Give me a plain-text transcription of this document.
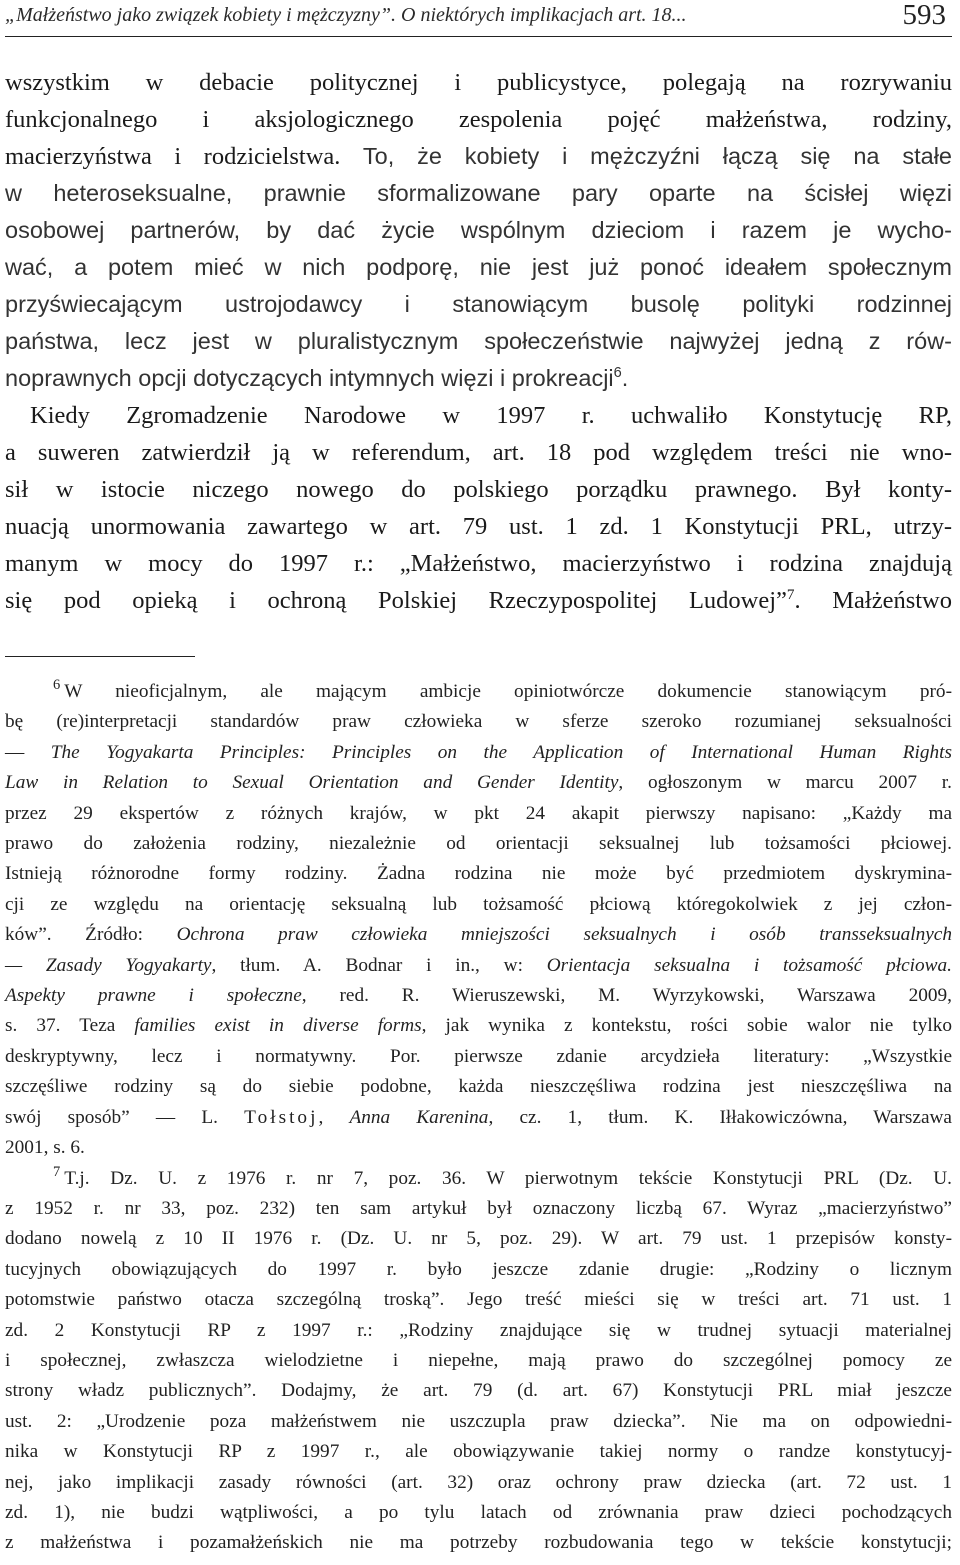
„Małżeństwo jako związek kobiety i mężczyzny”. O niektórych implikacjach art. 18...	593
wszystkim w debacie politycznej i publicystyce, polegają na rozrywaniu
funkcjonalnego i aksjologicznego zespolenia pojęć małżeństwa, rodziny,
macierzyństwa i rodzicielstwa. To, że kobiety i mężczyźni łączą się na stałe
w heteroseksualne, prawnie sformalizowane pary oparte na ścisłej więzi
osobowej partnerów, by dać życie wspólnym dzieciom i razem je wycho-
wać, a potem mieć w nich podporę, nie jest już ponoć ideałem społecznym
przyświecającym ustrojodawcy i stanowiącym busolę polityki rodzinnej
państwa, lecz jest w pluralistycznym społeczeństwie najwyżej jedną z rów-
noprawnych opcji dotyczących intymnych więzi i prokreacji$^6$.
Kiedy Zgromadzenie Narodowe w 1997 r. uchwaliło Konstytucję RP,
a suweren zatwierdził ją w referendum, art. 18 pod względem treści nie wno-
sił w istocie niczego nowego do polskiego porządku prawnego. Był konty-
nuacją unormowania zawartego w art. 79 ust. 1 zd. 1 Konstytucji PRL, utrzy-
manym w mocy do 1997 r.: „Małżeństwo, macierzyństwo i rodzina znajdują
się pod opieką i ochroną Polskiej Rzeczypospolitej Ludowej”$^7$. Małżeństwo
$^6$ W nieoficjalnym, ale mającym ambicje opiniotwórcze dokumencie stanowiącym pró-
bę (re)interpretacji standardów praw człowieka w sferze szeroko rozumianej seksualności
— The Yogyakarta Principles: Principles on the Application of International Human Rights
Law in Relation to Sexual Orientation and Gender Identity, ogłoszonym w marcu 2007 r.
przez 29 ekspertów z różnych krajów, w pkt 24 akapit pierwszy napisano: „Każdy ma
prawo do założenia rodziny, niezależnie od orientacji seksualnej lub tożsamości płciowej.
Istnieją różnorodne formy rodziny. Żadna rodzina nie może być przedmiotem dyskrymina-
cji ze względu na orientację seksualną lub tożsamość płciową któregokolwiek z jej człon-
ków”. Źródło: Ochrona praw człowieka mniejszości seksualnych i osób transseksualnych
— Zasady Yogyakarty, tłum. A. Bodnar i in., w: Orientacja seksualna i tożsamość płciowa.
Aspekty prawne i społeczne, red. R. Wieruszewski, M. Wyrzykowski, Warszawa 2009,
s. 37. Teza families exist in diverse forms, jak wynika z kontekstu, rości sobie walor nie tylko
deskryptywny, lecz i normatywny. Por. pierwsze zdanie arcydzieła literatury: „Wszystkie
szczęśliwe rodziny są do siebie podobne, każda nieszczęśliwa rodzina jest nieszczęśliwa na
swój sposób” — L. Tołstoj, Anna Karenina, cz. 1, tłum. K. Iłłakowiczówna, Warszawa
2001, s. 6.
$^7$ T.j. Dz. U. z 1976 r. nr 7, poz. 36. W pierwotnym tekście Konstytucji PRL (Dz. U.
z 1952 r. nr 33, poz. 232) ten sam artykuł był oznaczony liczbą 67. Wyraz „macierzyństwo”
dodano nowelą z 10 II 1976 r. (Dz. U. nr 5, poz. 29). W art. 79 ust. 1 przepisów konsty-
tucyjnych obowiązujących do 1997 r. było jeszcze zdanie drugie: „Rodziny o licznym
potomstwie państwo otacza szczególną troską”. Jego treść mieści się w treści art. 71 ust. 1
zd. 2 Konstytucji RP z 1997 r.: „Rodziny znajdujące się w trudnej sytuacji materialnej
i społecznej, zwłaszcza wielodzietne i niepełne, mają prawo do szczególnej pomocy ze
strony władz publicznych”. Dodajmy, że art. 79 (d. art. 67) Konstytucji PRL miał jeszcze
ust. 2: „Urodzenie poza małżeństwem nie uszczupla praw dziecka”. Nie ma on odpowiedni-
nika w Konstytucji RP z 1997 r., ale obowiązywanie takiej normy o randze konstytucyj-
nej, jako implikacji zasady równości (art. 32) oraz ochrony praw dziecka (art. 72 ust. 1
zd. 1), nie budzi wątpliwości, a po tylu latach od zrównania praw dzieci pochodzących
z małżeństwa i pozamałżeńskich nie ma potrzeby rozbudowania tego w tekście konstytucji;
